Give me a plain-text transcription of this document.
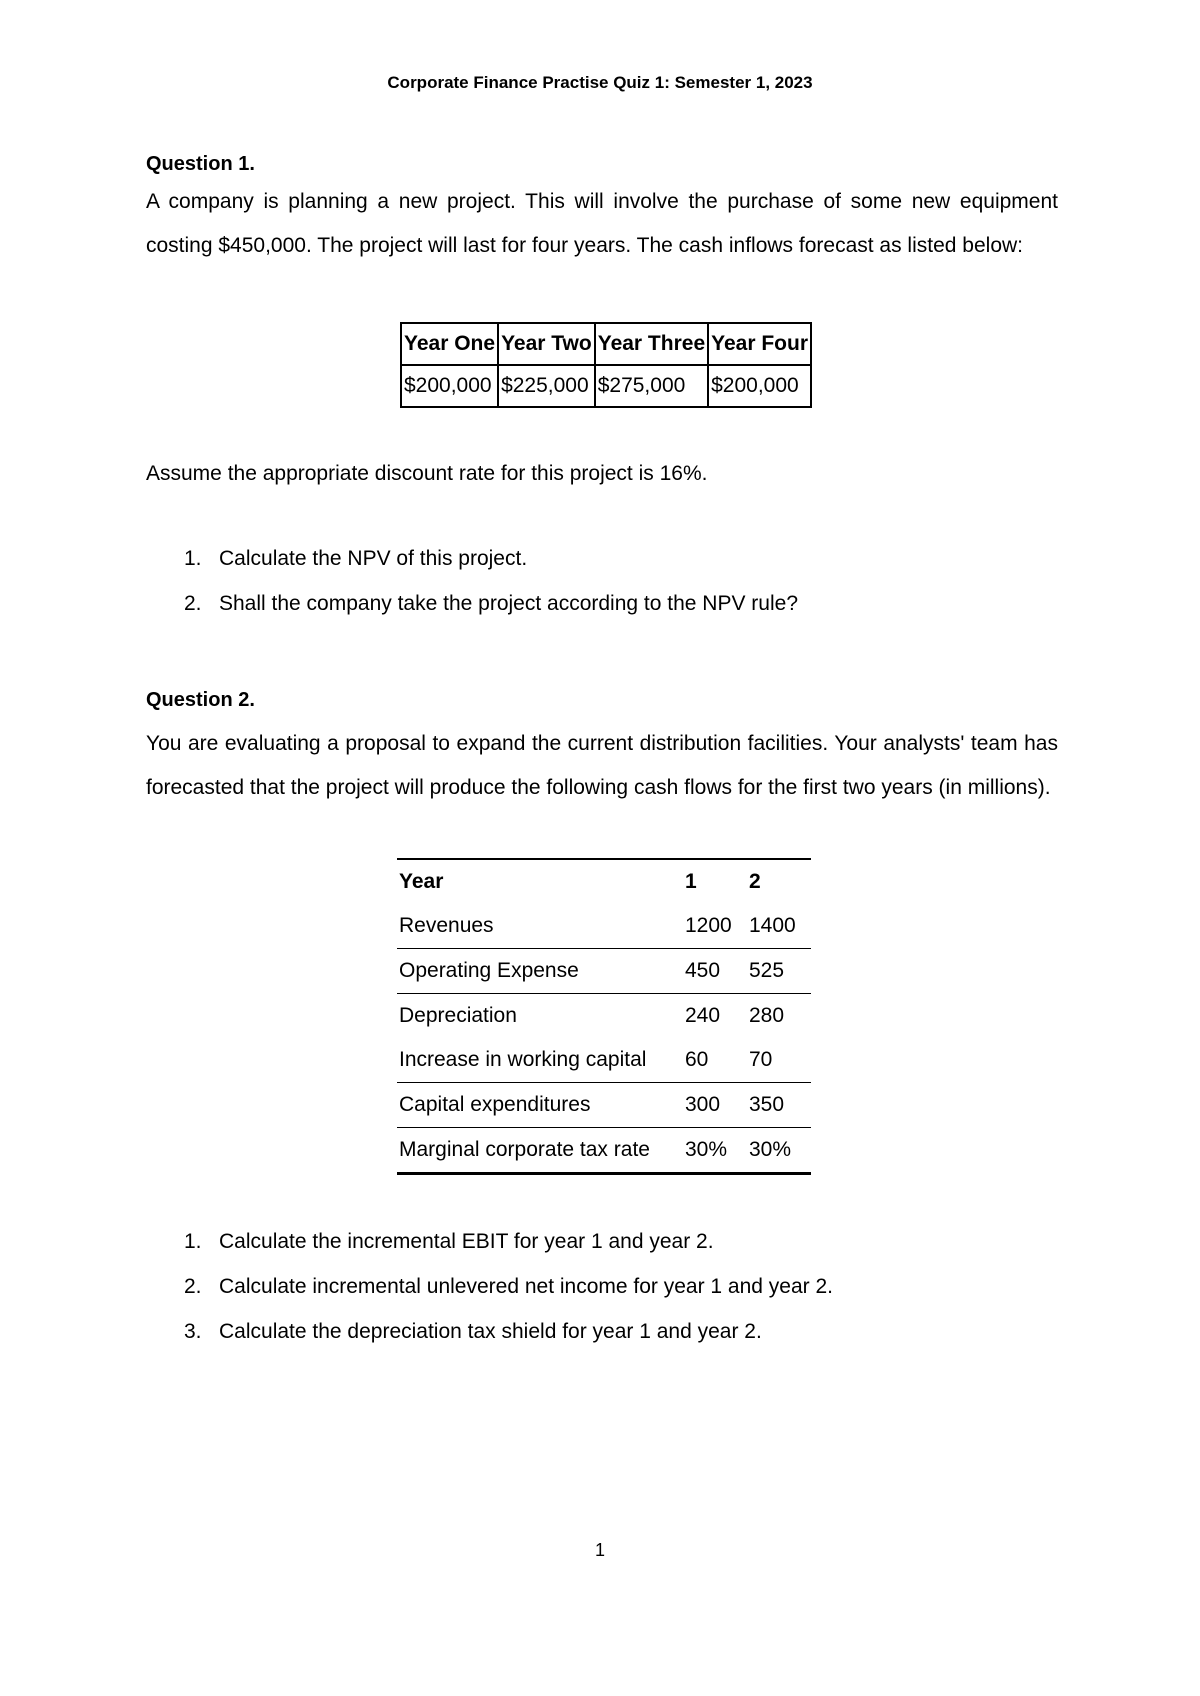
Corporate Finance Practise Quiz 1: Semester 1, 2023

Question 1.

A company is planning a new project. This will involve the purchase of some new equipment costing $450,000. The project will last for four years. The cash inflows forecast as listed below:

Year One	Year Two	Year Three	Year Four
$200,000	$225,000	$275,000	$200,000

Assume the appropriate discount rate for this project is 16%.

1. Calculate the NPV of this project.
2. Shall the company take the project according to the NPV rule?

Question 2.

You are evaluating a proposal to expand the current distribution facilities. Your analysts' team has forecasted that the project will produce the following cash flows for the first two years (in millions).

Year	1	2
Revenues	1200	1400
Operating Expense	450	525
Depreciation	240	280
Increase in working capital	60	70
Capital expenditures	300	350
Marginal corporate tax rate	30%	30%
1. Calculate the incremental EBIT for year 1 and year 2.
2. Calculate incremental unlevered net income for year 1 and year 2.
3. Calculate the depreciation tax shield for year 1 and year 2.
1
